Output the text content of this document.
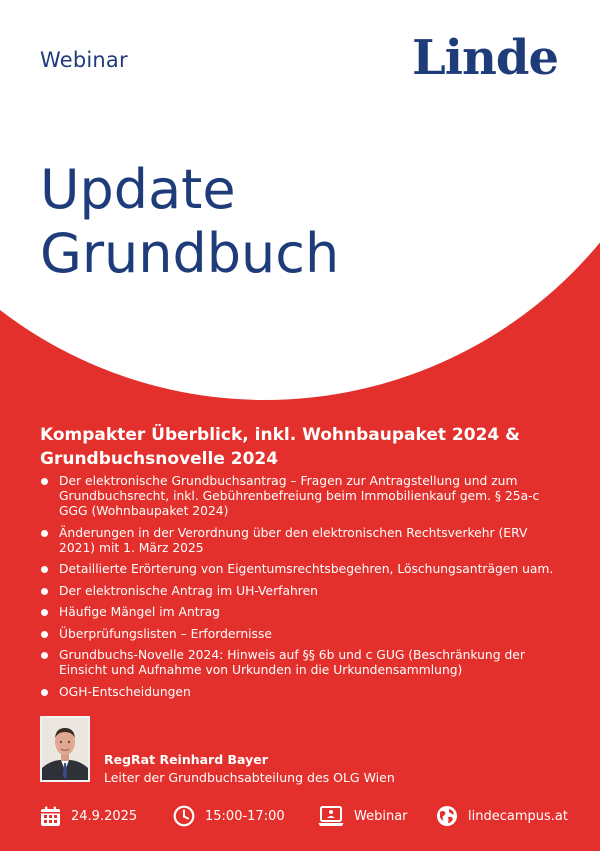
Webinar	Linde
Update
Grundbuch
Kompakter Überblick, inkl. Wohnbaupaket 2024 & Grundbuchsnovelle 2024
Der elektronische Grundbuchsantrag – Fragen zur Antragstellung und zum Grundbuchsrecht, inkl. Gebührenbefreiung beim Immobilienkauf gem. § 25a-c GGG (Wohnbaupaket 2024)
Änderungen in der Verordnung über den elektronischen Rechtsverkehr (ERV 2021) mit 1. März 2025
Detaillierte Erörterung von Eigentumsrechtsbegehren, Löschungsanträgen uam.
Der elektronische Antrag im UH-Verfahren
Häufige Mängel im Antrag
Überprüfungslisten – Erfordernisse
Grundbuchs-Novelle 2024: Hinweis auf §§ 6b und c GUG (Beschränkung der Einsicht und Aufnahme von Urkunden in die Urkundensammlung)
OGH-Entscheidungen
RegRat Reinhard Bayer
Leiter der Grundbuchsabteilung des OLG Wien
24.9.2025	15:00-17:00	Webinar	lindecampus.at
